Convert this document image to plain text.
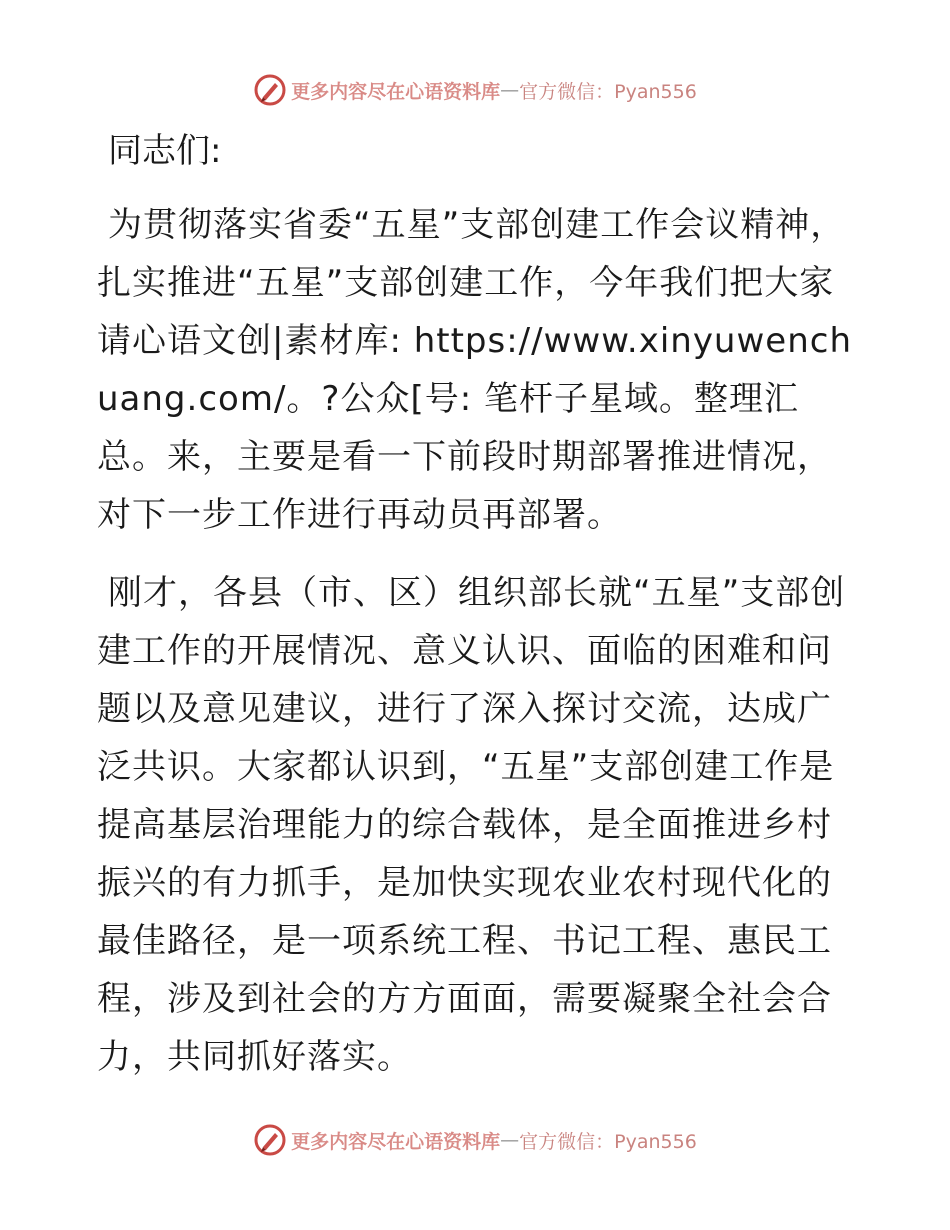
更多内容尽在心语资料库 — 官方微信：Pyan556
同志们:

为贯彻落实省委“五星”支部创建工作会议精神，扎实推进“五星”支部创建工作，今年我们把大家请心语文创|素材库: https://www.xinyuwenchuang.com/。?公众[号: 笔杆子星域。整理汇总。来，主要是看一下前段时期部署推进情况，对下一步工作进行再动员再部署。

刚才，各县（市、区）组织部长就“五星”支部创建工作的开展情况、意义认识、面临的困难和问题以及意见建议，进行了深入探讨交流，达成广泛共识。大家都认识到，“五星”支部创建工作是提高基层治理能力的综合载体，是全面推进乡村振兴的有力抓手，是加快实现农业农村现代化的最佳路径，是一项系统工程、书记工程、惠民工程，涉及到社会的方方面面，需要凝聚全社会合力，共同抓好落实。

更多内容尽在心语资料库 — 官方微信：Pyan556
